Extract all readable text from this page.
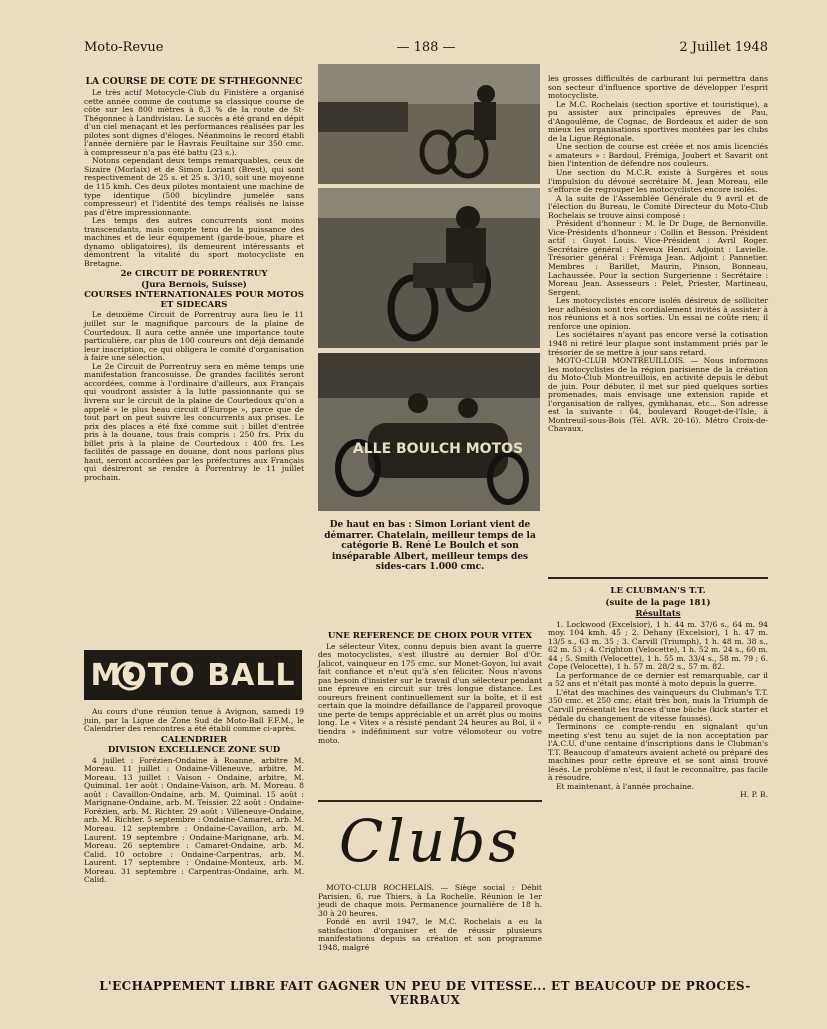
Moto-Revue	— 188 —	2 Juillet 1948
LA COURSE DE COTE DE ST-THEGONNEC

Le très actif Motocycle-Club du Finistère a organisé cette année comme de coutume sa classique course de côte sur les 800 mètres à 8,3 % de la route de St-Thégonnec à Landivisiau. Le succès a été grand en dépit d'un ciel menaçant et les performances réalisées par les pilotes sont dignes d'éloges. Néanmoins le record établi l'année dernière par le Havrais Feuiltaine sur 350 cmc. à compresseur n'a pas été battu (23 s.).

Notons cependant deux temps remarquables, ceux de Sizaire (Morlaix) et de Simon Loriant (Brest), qui sont respectivement de 25 s. et 25 s. 3/10, soit une moyenne de 115 kmh. Ces deux pilotes montaient une machine de type identique (500 bicylindre jumelée sans compresseur) et l'identité des temps réalisés ne laisse pas d'être impressionnante.

Les temps des autres concurrents sont moins transcendants, mais compte tenu de la puissance des machines et de leur équipement (garde-boue, phare et dynamo obligatoires), ils demeurent intéressants et démontrent la vitalité du sport motocycliste en Bretagne.

2e CIRCUIT DE PORRENTRUY
(Jura Bernois, Suisse)
COURSES INTERNATIONALES POUR MOTOS ET SIDECARS

Le deuxième Circuit de Porrentruy aura lieu le 11 juillet sur le magnifique parcours de la plaine de Courtedoux. Il aura cette année une importance toute particulière, car plus de 100 coureurs ont déjà demandé leur inscription, ce qui obligera le comité d'organisation à faire une sélection.

Le 2e Circuit de Porrentruy sera en même temps une manifestation francosuisse. De grandes facilités seront accordées, comme à l'ordinaire d'ailleurs, aux Français qui voudront assister à la lutte passionnante qui se livrera sur le circuit de la plaine de Courtedoux qu'on a appelé « le plus beau circuit d'Europe », parce que de tout part on peut suivre les concurrents aux prises. Le prix des places a été fixé comme suit : billet d'entrée pris à la douane, tous frais compris : 250 frs. Prix du billet pris à la plaine de Courtedoux : 400 frs. Les facilités de passage en douane, dont nous parlons plus haut, seront accordées par les préfectures aux Français qui désireront se rendre à Porrentruy le 11 juillet prochain.

MOTO BALL

Au cours d'une réunion tenue à Avignon, samedi 19 juin, par la Ligue de Zone Sud de Moto-Ball F.F.M., le Calendrier des rencontres a été établi comme ci-après.

CALENDRIER
DIVISION EXCELLENCE ZONE SUD

4 juillet : Forézien-Ondaine à Roanne, arbitre M. Moreau. 11 juillet : Ondaine-Villeneuve, arbitre, M. Moreau. 13 juillet : Vaison - Ondaine, arbitre, M. Quiminal. 1er août : Ondaine-Vaison, arb. M. Moreau. 8 août : Cavaillon-Ondaine, arb. M. Quiminal. 15 août : Marignane-Ondaine, arb. M. Teissier. 22 août : Ondaine-Forézien, arb. M. Richter. 29 août : Villeneuve-Ondaine, arb. M. Richter. 5 septembre : Ondaine-Camaret, arb. M. Moreau. 12 septembre : Ondaine-Cavaillon, arb. M. Laurent. 19 septembre : Ondaine-Marignane, arb. M. Moreau. 26 septembre : Camaret-Ondaine, arb. M. Calid. 10 octobre : Ondaine-Carpentras, arb. M. Laurent. 17 septembre : Ondaine-Monteux, arb. M. Moreau. 31 septembre : Carpentras-Ondaine, arb. M. Calid.

ALLE BOULCH MOTOS
De haut en bas : Simon Loriant vient de démarrer. Chatelain, meilleur temps de la catégorie B. René Le Boulch et son inséparable Albert, meilleur temps des sides-cars 1.000 cmc.
UNE REFERENCE DE CHOIX POUR VITEX

Le sélecteur Vitex, connu depuis bien avant la guerre des motocyclistes, s'est illustré au dernier Bol d'Or. Jalicot, vainqueur en 175 cmc. sur Monet-Goyon, lui avait fait confiance et n'eut qu'à s'en féliciter. Nous n'avons pas besoin d'insister sur le travail d'un sélecteur pendant une épreuve en circuit sur très longue distance. Les coureurs freinent continuellement sur la boîte, et il est certain que la moindre défaillance de l'appareil provoque une perte de temps appréciable et un arrêt plus ou moins long. Le « Vitex » a résisté pendant 24 heures au Bol, il « tiendra » indéfiniment sur votre vélomoteur ou votre moto.

Clubs

MOTO-CLUB ROCHELAIS. — Siège social : Débit Parisien, 6, rue Thiers, à La Rochelle. Réunion le 1er jeudi de chaque mois. Permanence journalière de 18 h. 30 à 20 heures.

Fondé en avril 1947, le M.C. Rochelais a eu la satisfaction d'organiser et de réussir plusieurs manifestations depuis sa création et son programme 1948, malgré

les grosses difficultés de carburant lui permettra dans son secteur d'influence sportive de développer l'esprit motocycliste.

Le M.C. Rochelais (section sportive et touristique), a pu assister aux principales épreuves de Pau, d'Angoulême, de Cognac, de Bordeaux et aider de son mieux les organisations sportives montées par les clubs de la Ligue Régionale.

Une section de course est créée et nos amis licenciés « amateurs » : Bardoul, Frémiga, Joubert et Savarit ont bien l'intention de défendre nos couleurs.

Une section du M.C.R. existe à Surgères et sous l'impulsion du dévoué secrétaire M. Jean Moreau, elle s'efforce de regrouper les motocyclistes encore isolés.

A la suite de l'Assemblée Générale du 9 avril et de l'élection du Bureau, le Comité Directeur du Moto-Club Rochelais se trouve ainsi composé :

Président d'honneur : M. le Dr Duge, de Bernonville. Vice-Présidents d'honneur : Collin et Besson. Président actif : Guyot Louis. Vice-Président : Avril Roger. Secrétaire général : Neveux Henri. Adjoint : Lavielle. Trésorier général : Frémiga Jean. Adjoint : Pannetier. Membres : Barillet, Maurin, Pinson, Bonneau, Lachaussée. Pour la section Surgerienne : Secrétaire : Moreau Jean. Assesseurs : Pelet, Priester, Martineau, Sergent.

Les motocyclistes encore isolés désireux de solliciter leur adhésion sont très cordialement invités à assister à nos réunions et à nos sorties. Un essai ne coûte rien; il renforce une opinion.

Les sociétaires n'ayant pas encore versé la cotisation 1948 ni retiré leur plaque sont instamment priés par le trésorier de se mettre à jour sans retard.

MOTO-CLUB MONTREUILLOIS. — Nous informons les motocyclistes de la région parisienne de la création du Moto-Club Montreuillois, en activité depuis le début de juin. Pour débuter, il met sur pied quelques sorties promenades, mais envisage une extension rapide et l'organisation de rallyes, gymkhanas, etc... Son adresse est la suivante : 64, boulevard Rouget-de-l'Isle, à Montreuil-sous-Bois (Tél. AVR. 20-16). Métro Croix-de-Chavaux.

LE CLUBMAN'S T.T.
(suite de la page 181)
Résultats

1. Lockwood (Excelsior), 1 h. 44 m. 37/6 s., 64 m. 94 moy. 104 kmh. 45 ; 2. Dehany (Excelsior), 1 h. 47 m. 13/5 s., 63 m. 35 ; 3. Carvill (Triumph), 1 h. 48 m. 38 s., 62 m. 53 ; 4. Crighton (Velocette), 1 h. 52 m. 24 s., 60 m. 44 ; 5. Smith (Velocette), 1 h. 55 m. 33/4 s., 58 m. 79 ; 6. Cope (Velocette), 1 h. 57 m. 28/2 s., 57 m. 82.

La performance de ce dernier est remarquable, car il a 52 ans et n'était pas monté à moto depuis la guerre.

L'état des machines des vainqueurs du Clubman's T.T. 350 cmc. et 250 cmc. était très bon, mais la Triumph de Carvill présentait les traces d'une bûche (kick starter et pédale du changement de vitesse faussés).

Terminons ce compte-rendu en signalant qu'un meeting s'est tenu au sujet de la non acceptation par l'A.C.U. d'une centaine d'inscriptions dans le Clubman's T.T. Beaucoup d'amateurs avaient acheté ou préparé des machines pour cette épreuve et se sont ainsi trouvé lésés. Le problème n'est, il faut le reconnaître, pas facile à résoudre.

Et maintenant, à l'année prochaine.

H. P. B.

L'ECHAPPEMENT LIBRE FAIT GAGNER UN PEU DE VITESSE... ET BEAUCOUP DE PROCES-VERBAUX
